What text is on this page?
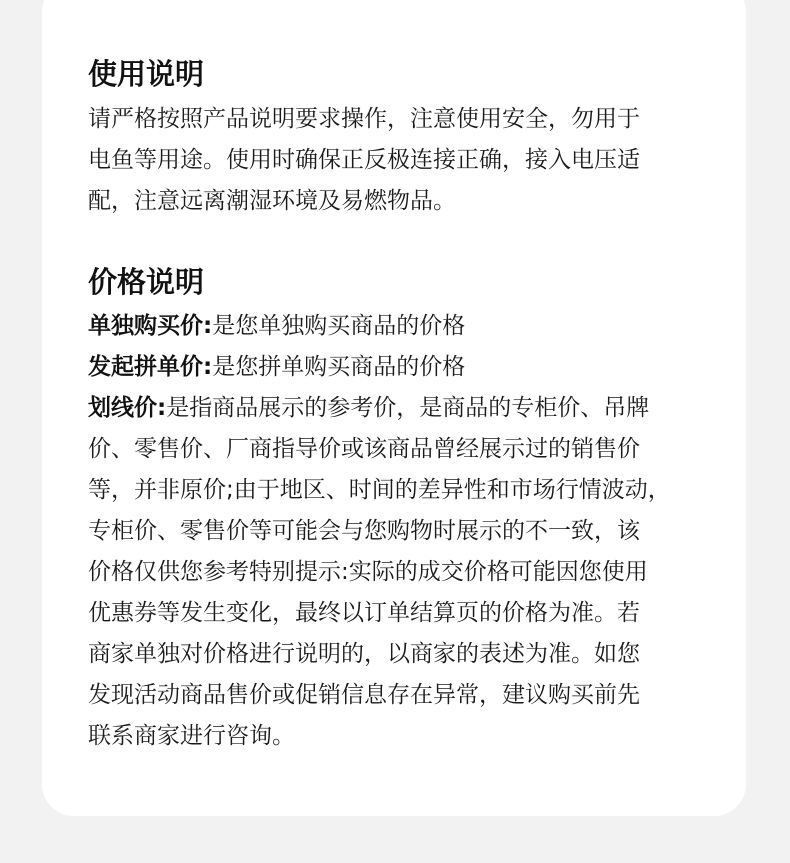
使用说明
请严格按照产品说明要求操作，注意使用安全，勿用于
电鱼等用途。使用时确保正反极连接正确，接入电压适
配，注意远离潮湿环境及易燃物品。
价格说明
单独购买价:是您单独购买商品的价格
发起拼单价:是您拼单购买商品的价格
划线价:是指商品展示的参考价，是商品的专柜价、吊牌
价、零售价、厂商指导价或该商品曾经展示过的销售价
等，并非原价;由于地区、时间的差异性和市场行情波动，
专柜价、零售价等可能会与您购物时展示的不一致，该
价格仅供您参考特别提示:实际的成交价格可能因您使用
优惠券等发生变化，最终以订单结算页的价格为准。若
商家单独对价格进行说明的，以商家的表述为准。如您
发现活动商品售价或促销信息存在异常，建议购买前先
联系商家进行咨询。
